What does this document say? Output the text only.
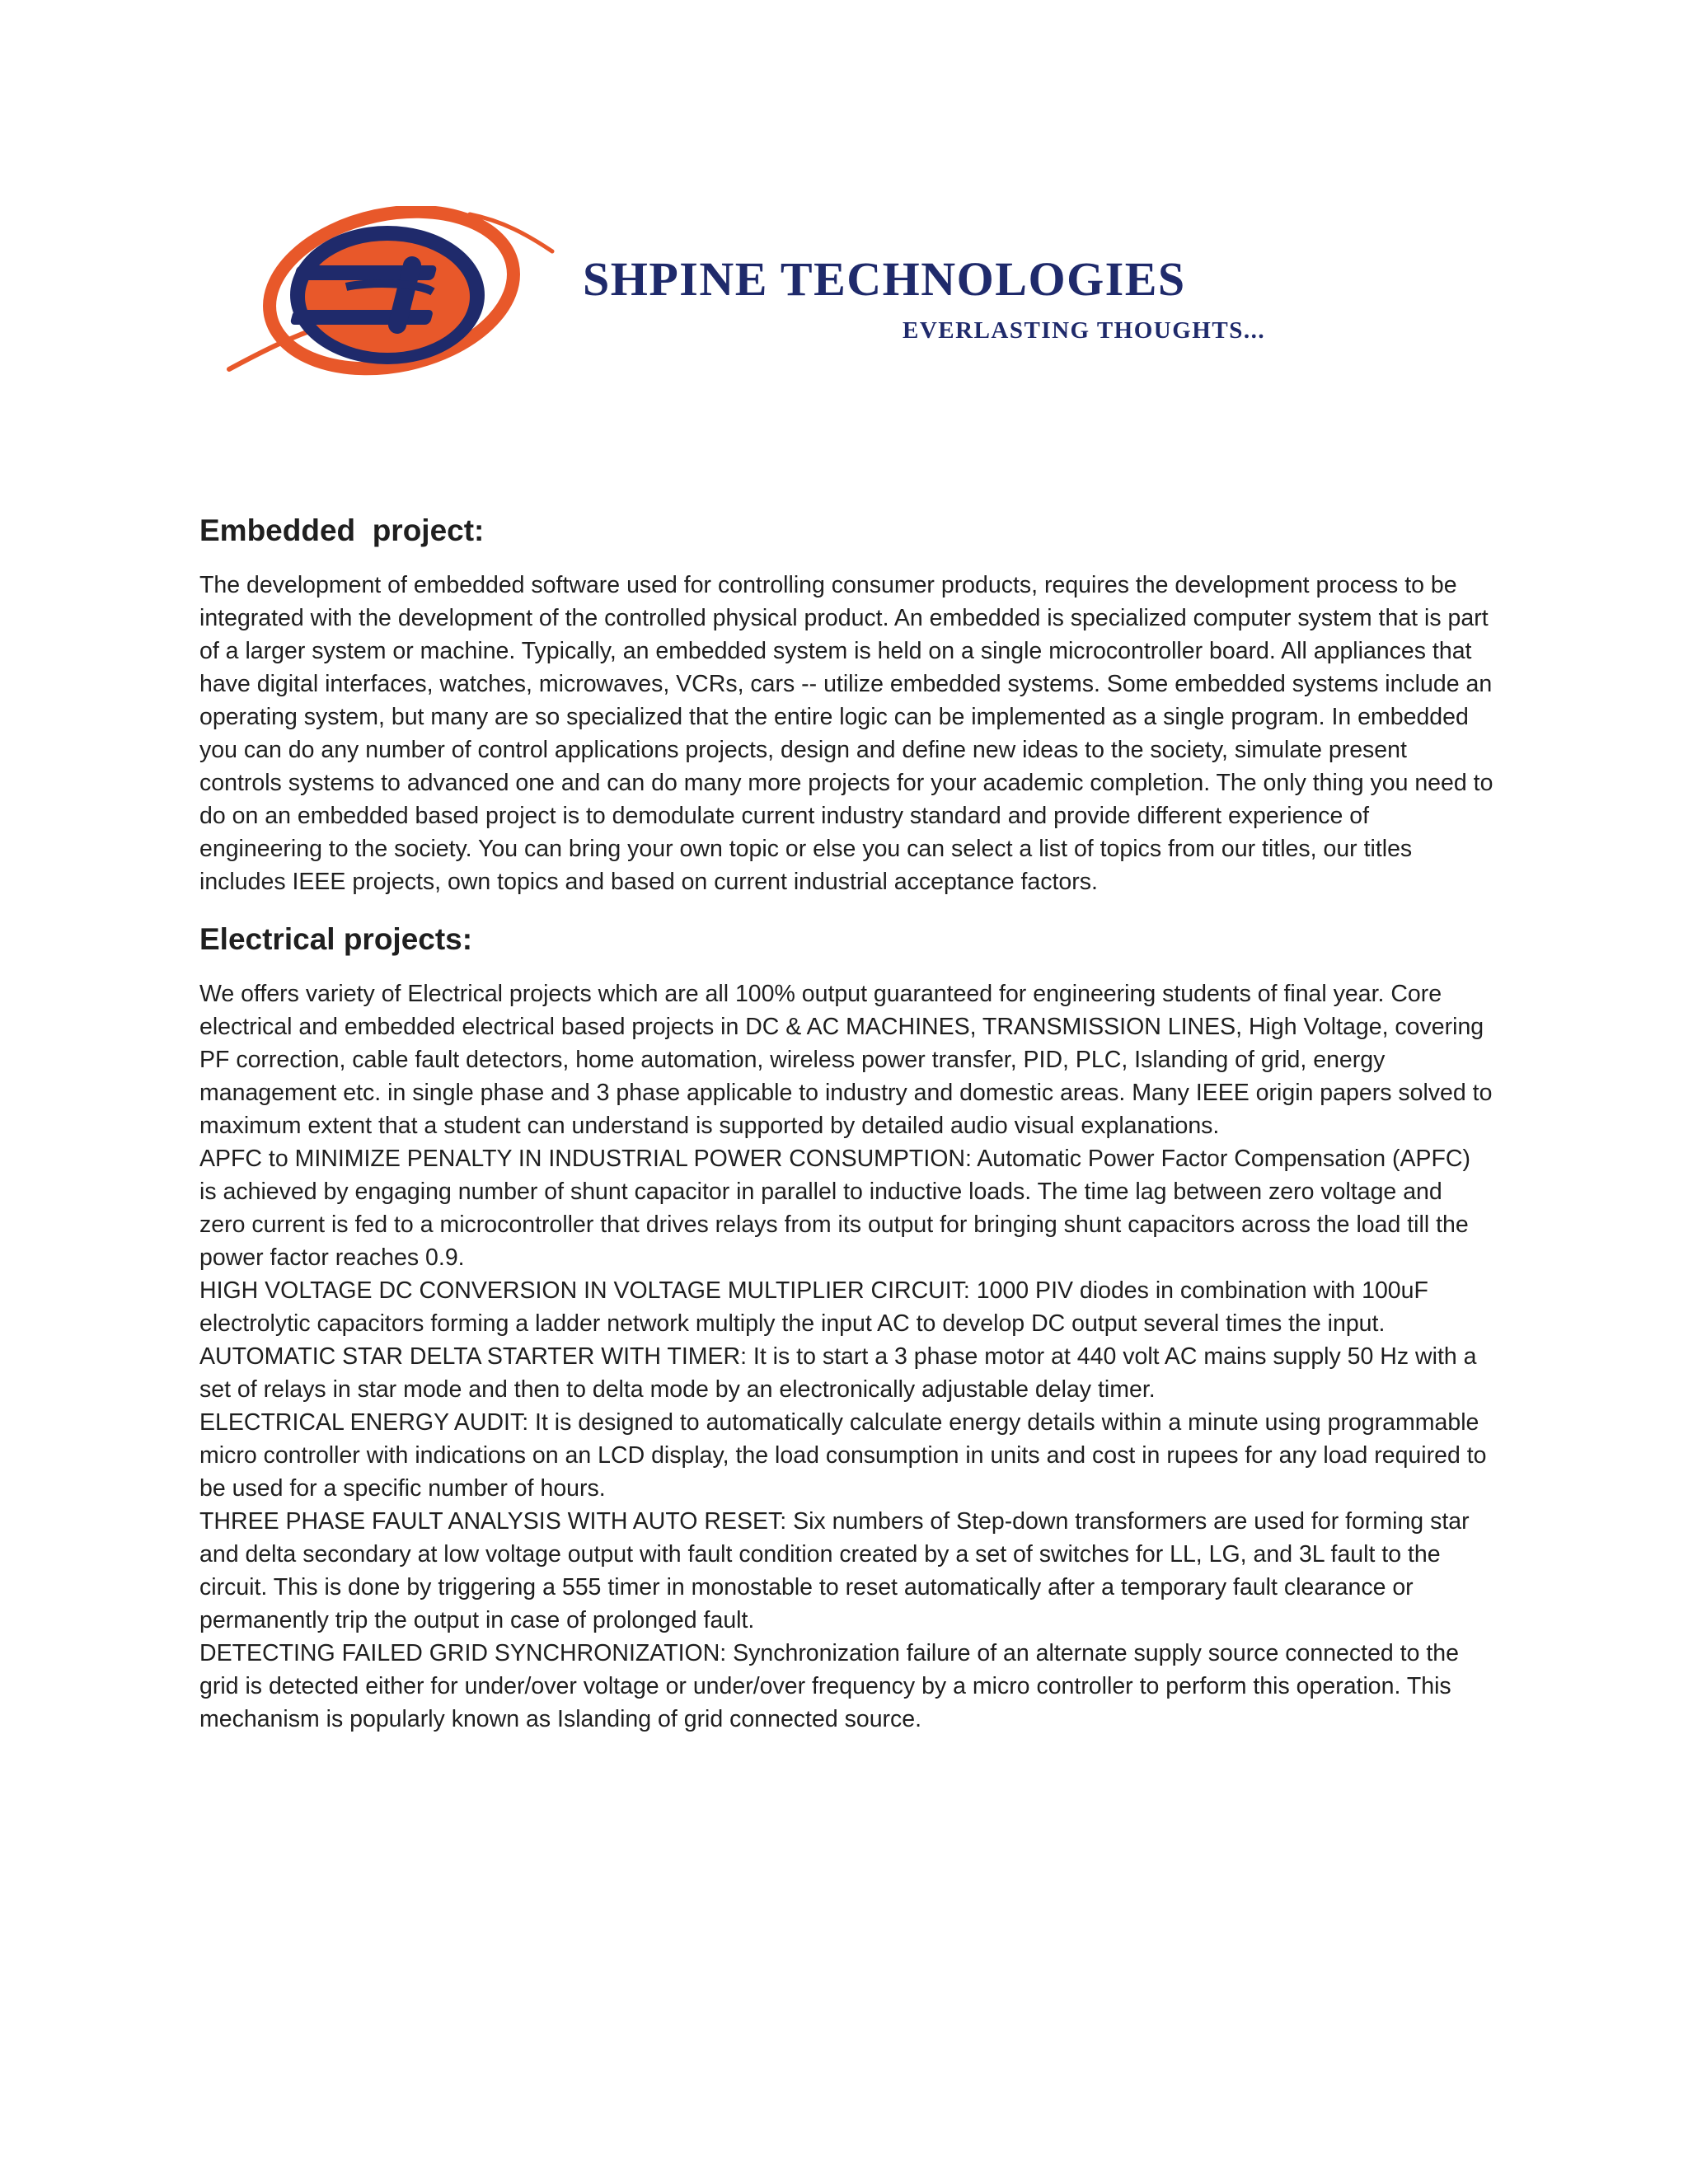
SHPINE TECHNOLOGIES
EVERLASTING THOUGHTS...
Embedded  project:

The development of embedded software used for controlling consumer products, requires the development process to be integrated with the development of the controlled physical product. An embedded is specialized computer system that is part of a larger system or machine. Typically, an embedded system is held on a single microcontroller board. All appliances that have digital interfaces, watches, microwaves, VCRs, cars -- utilize embedded systems. Some embedded systems include an operating system, but many are so specialized that the entire logic can be implemented as a single program. In embedded you can do any number of control applications projects, design and define new ideas to the society, simulate present controls systems to advanced one and can do many more projects for your academic completion. The only thing you need to do on an embedded based project is to demodulate current industry standard and provide different experience of engineering to the society. You can bring your own topic or else you can select a list of topics from our titles, our titles includes IEEE projects, own topics and based on current industrial acceptance factors.

Electrical projects:

We offers variety of Electrical projects which are all 100% output guaranteed for engineering students of final year. Core electrical and embedded electrical based projects in DC & AC MACHINES, TRANSMISSION LINES, High Voltage, covering PF correction, cable fault detectors, home automation, wireless power transfer, PID, PLC, Islanding of grid, energy management etc. in single phase and 3 phase applicable to industry and domestic areas. Many IEEE origin papers solved to maximum extent that a student can understand is supported by detailed audio visual explanations.
APFC to MINIMIZE PENALTY IN INDUSTRIAL POWER CONSUMPTION: Automatic Power Factor Compensation (APFC) is achieved by engaging number of shunt capacitor in parallel to inductive loads. The time lag between zero voltage and zero current is fed to a microcontroller that drives relays from its output for bringing shunt capacitors across the load till the power factor reaches 0.9.
HIGH VOLTAGE DC CONVERSION IN VOLTAGE MULTIPLIER CIRCUIT: 1000 PIV diodes in combination with 100uF electrolytic capacitors forming a ladder network multiply the input AC to develop DC output several times the input.
AUTOMATIC STAR DELTA STARTER WITH TIMER: It is to start a 3 phase motor at 440 volt AC mains supply 50 Hz with a set of relays in star mode and then to delta mode by an electronically adjustable delay timer.
ELECTRICAL ENERGY AUDIT: It is designed to automatically calculate energy details within a minute using programmable micro controller with indications on an LCD display, the load consumption in units and cost in rupees for any load required to be used for a specific number of hours.
THREE PHASE FAULT ANALYSIS WITH AUTO RESET: Six numbers of Step-down transformers are used for forming star and delta secondary at low voltage output with fault condition created by a set of switches for LL, LG, and 3L fault to the circuit. This is done by triggering a 555 timer in monostable to reset automatically after a temporary fault clearance or permanently trip the output in case of prolonged fault.
DETECTING FAILED GRID SYNCHRONIZATION: Synchronization failure of an alternate supply source connected to the grid is detected either for under/over voltage or under/over frequency by a micro controller to perform this operation. This mechanism is popularly known as Islanding of grid connected source.
